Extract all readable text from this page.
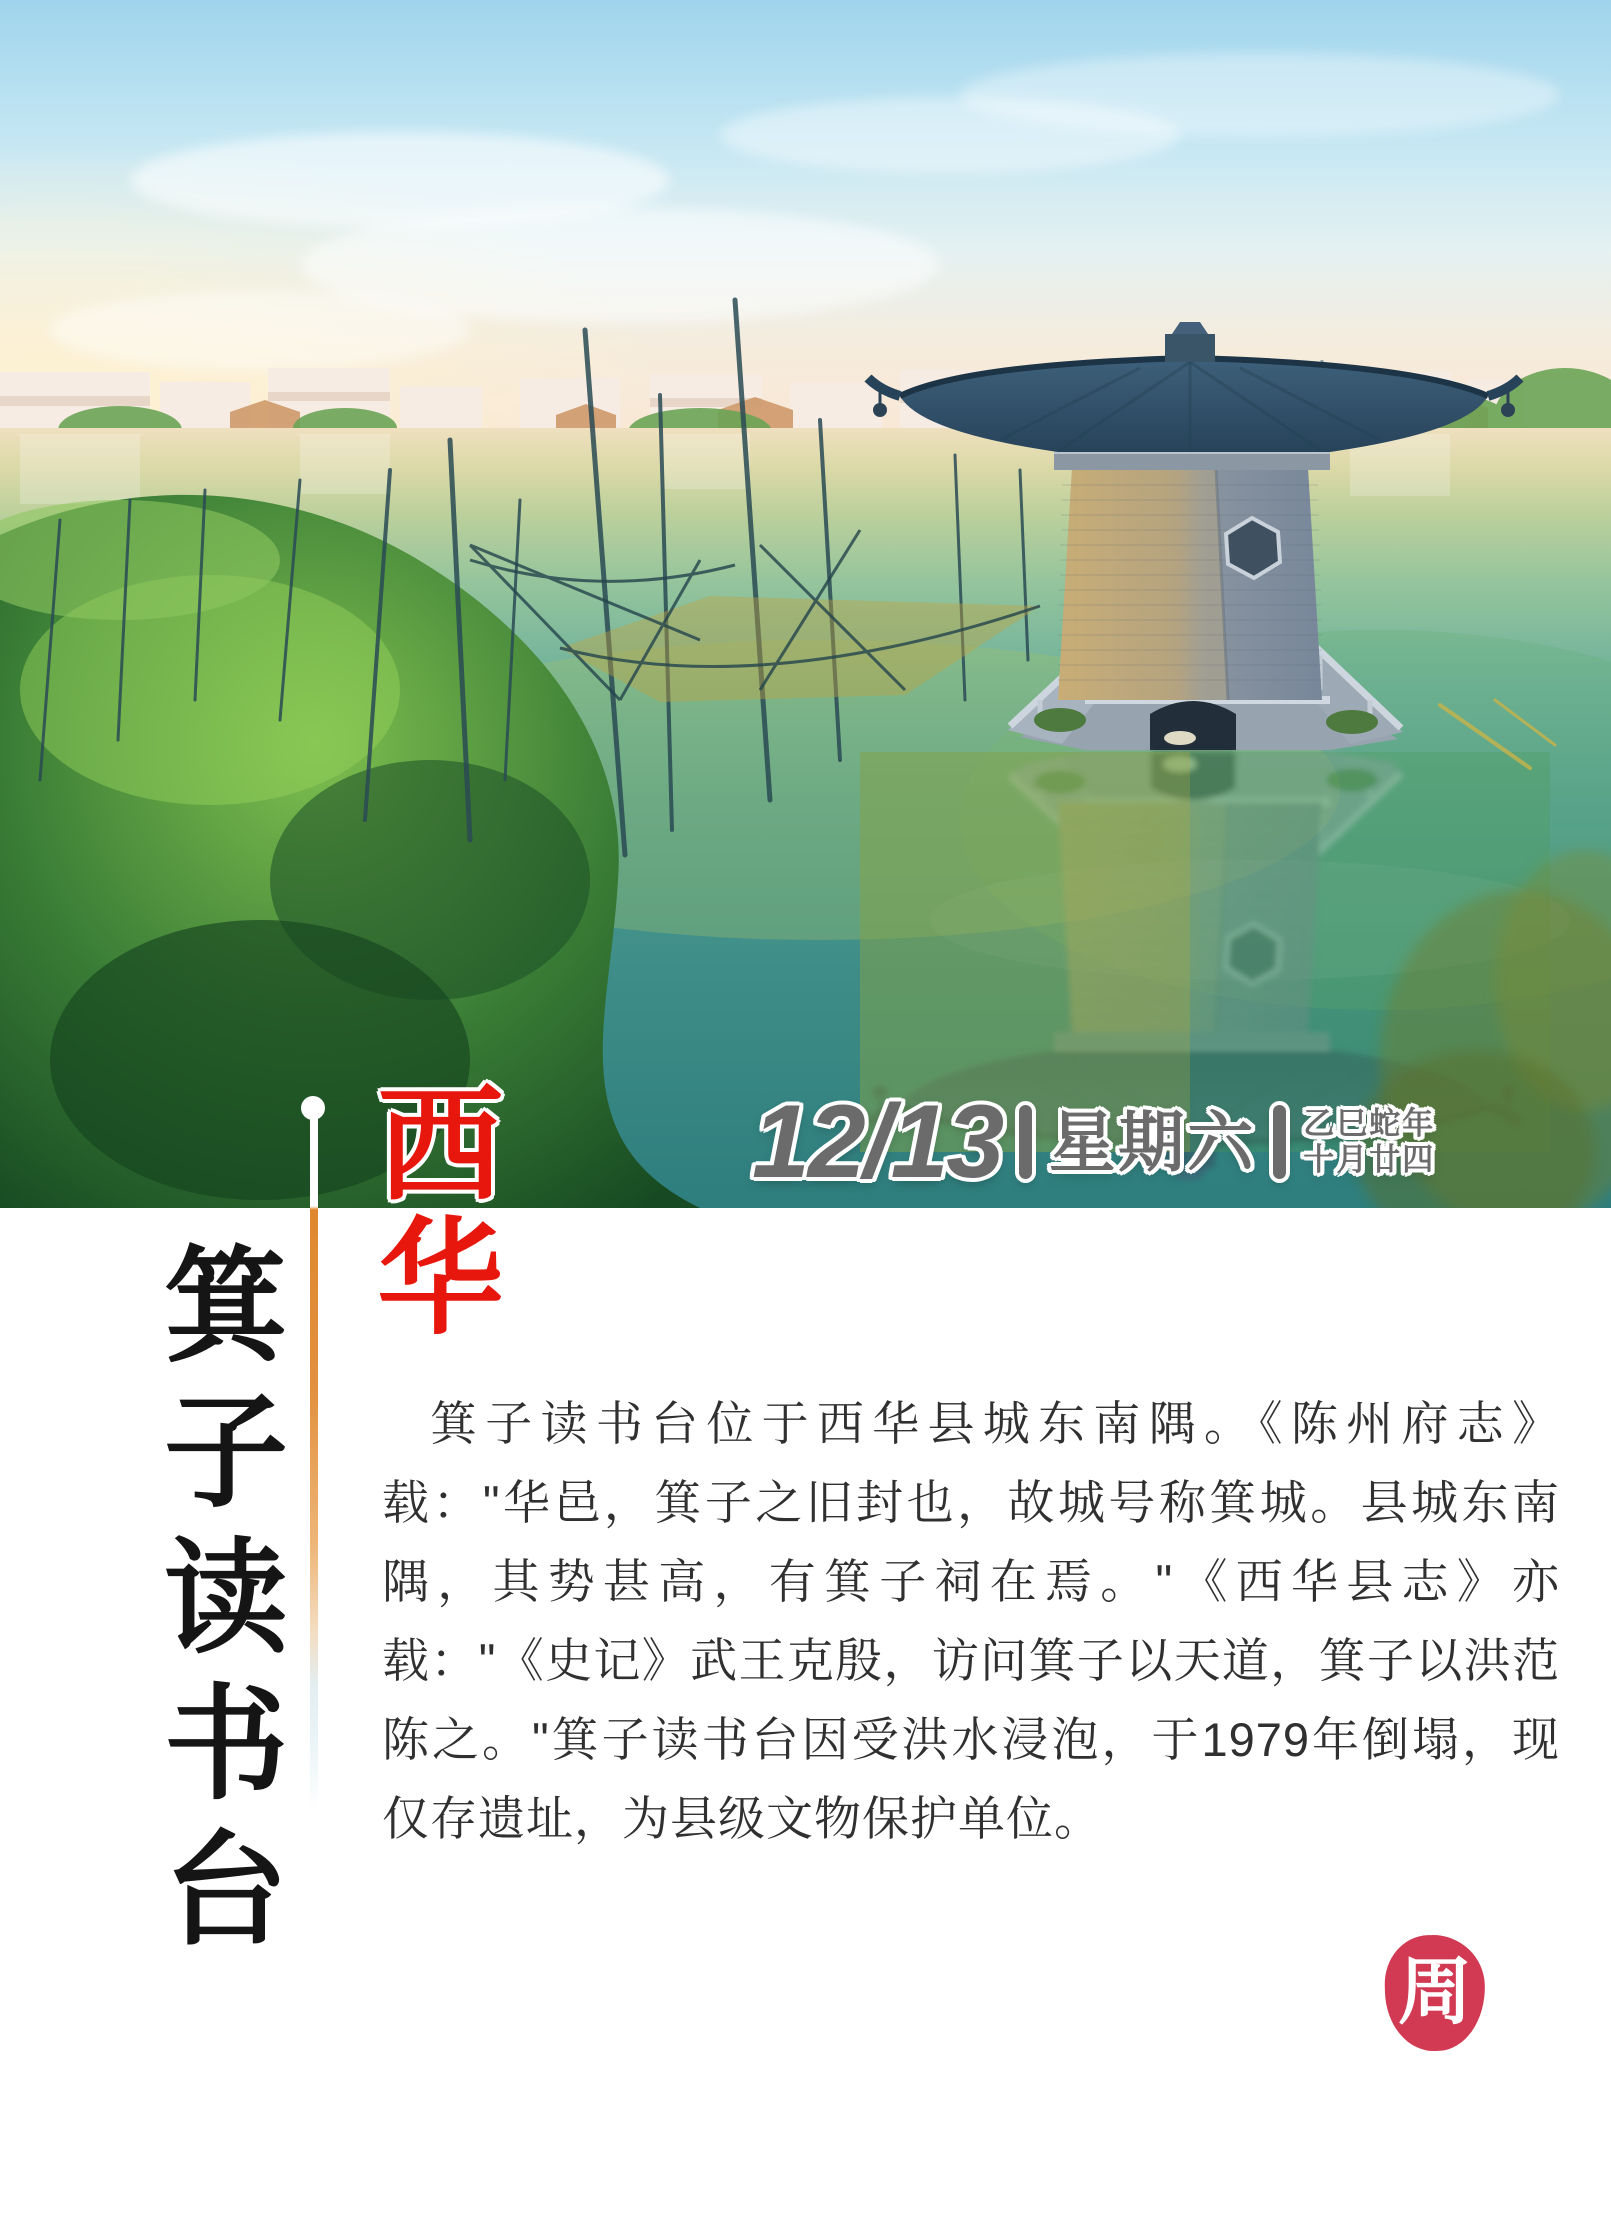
12/13 星期六 乙巳蛇年
十月廿四
西华
箕子读书台	箕子读书台位于西华县城东南隅。《陈州府志》载："华邑，箕子之旧封也，故城号称箕城。县城东南隅，其势甚高，有箕子祠在焉。"《西华县志》亦载："《史记》武王克殷，访问箕子以天道，箕子以洪范陈之。"箕子读书台因受洪水浸泡，于1979年倒塌，现仅存遗址，为县级文物保护单位。
周
